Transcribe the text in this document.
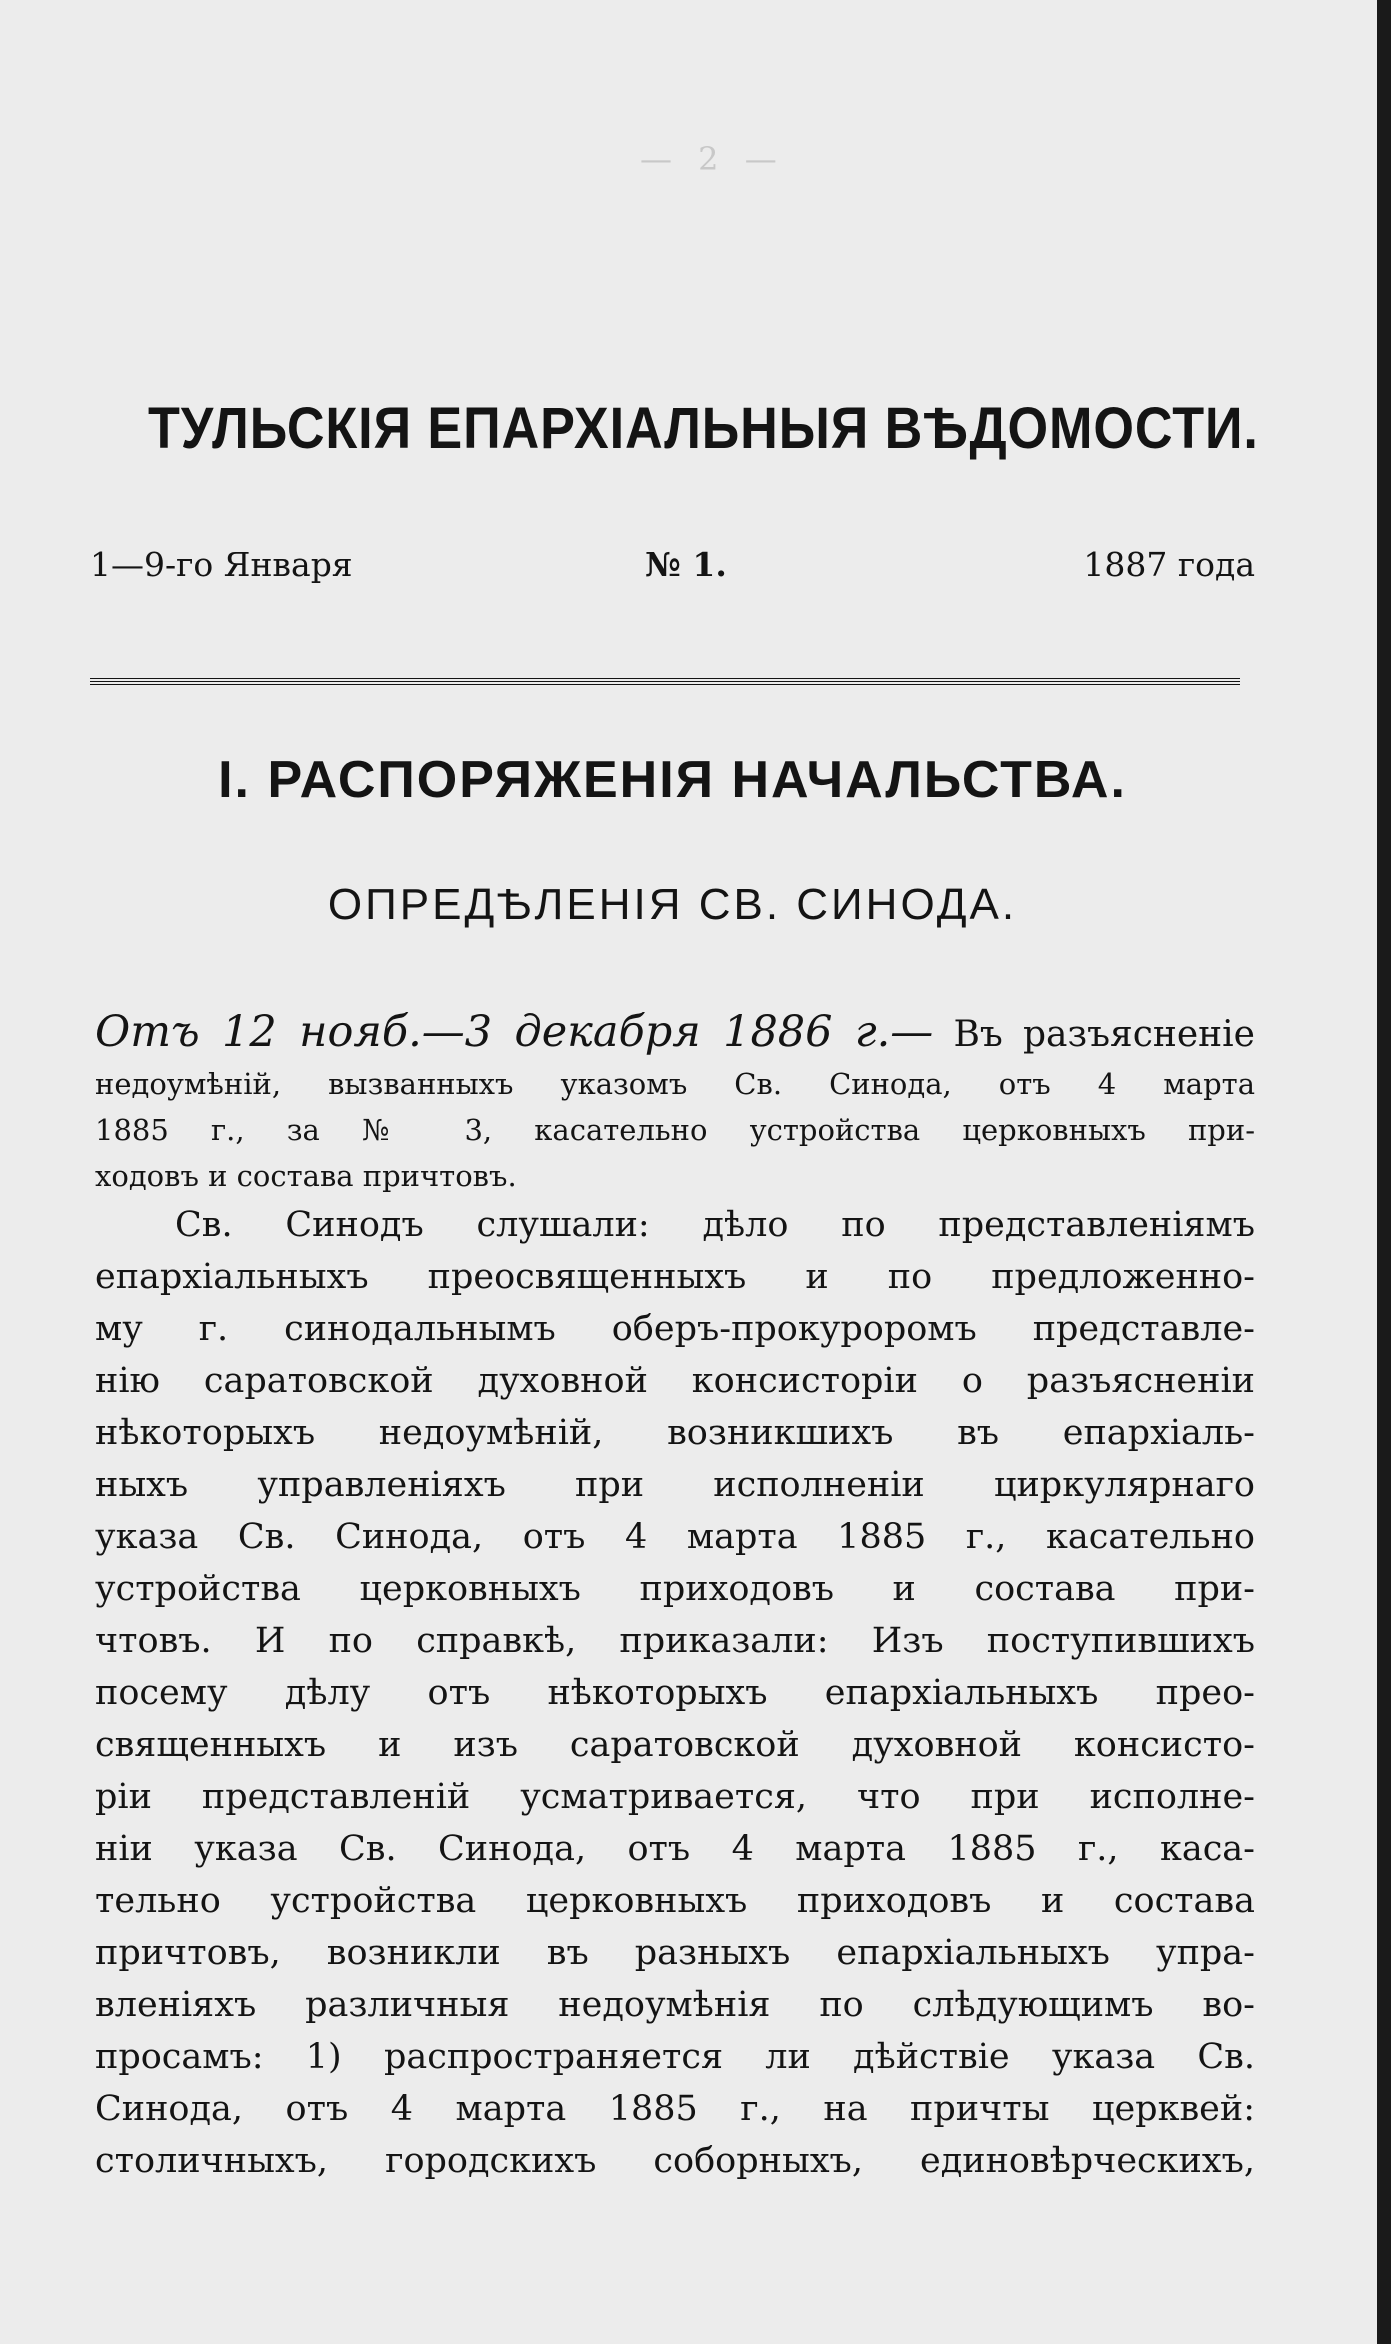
— 2 —
ТУЛЬСКІЯ ЕПАРХІАЛЬНЫЯ ВѢДОМОСТИ.
1—9-го Января	№ 1.	1887 года
I. РАСПОРЯЖЕНІЯ НАЧАЛЬСТВА.
ОПРЕДѢЛЕНІЯ СВ. СИНОДА.
Отъ 12 нояб.—3 декабря 1886 г.— Въ разъясненіе
недоумѣній, вызванныхъ указомъ Св. Синода, отъ 4 марта
1885 г., за № 3, касательно устройства церковныхъ при-
ходовъ и состава причтовъ.
Св. Синодъ слушали: дѣло по представленіямъ
епархіальныхъ преосвященныхъ и по предложенно-
му г. синодальнымъ оберъ-прокуроромъ представле-
нію саратовской духовной консисторіи о разъясненіи
нѣкоторыхъ недоумѣній, возникшихъ въ епархіаль-
ныхъ управленіяхъ при исполненіи циркулярнаго
указа Св. Синода, отъ 4 марта 1885 г., касательно
устройства церковныхъ приходовъ и состава при-
чтовъ. И по справкѣ, приказали: Изъ поступившихъ
посему дѣлу отъ нѣкоторыхъ епархіальныхъ прео-
священныхъ и изъ саратовской духовной консисто-
ріи представленій усматривается, что при исполне-
ніи указа Св. Синода, отъ 4 марта 1885 г., каса-
тельно устройства церковныхъ приходовъ и состава
причтовъ, возникли въ разныхъ епархіальныхъ упра-
вленіяхъ различныя недоумѣнія по слѣдующимъ во-
просамъ: 1) распространяется ли дѣйствіе указа Св.
Синода, отъ 4 марта 1885 г., на причты церквей:
столичныхъ, городскихъ соборныхъ, единовѣрческихъ,
